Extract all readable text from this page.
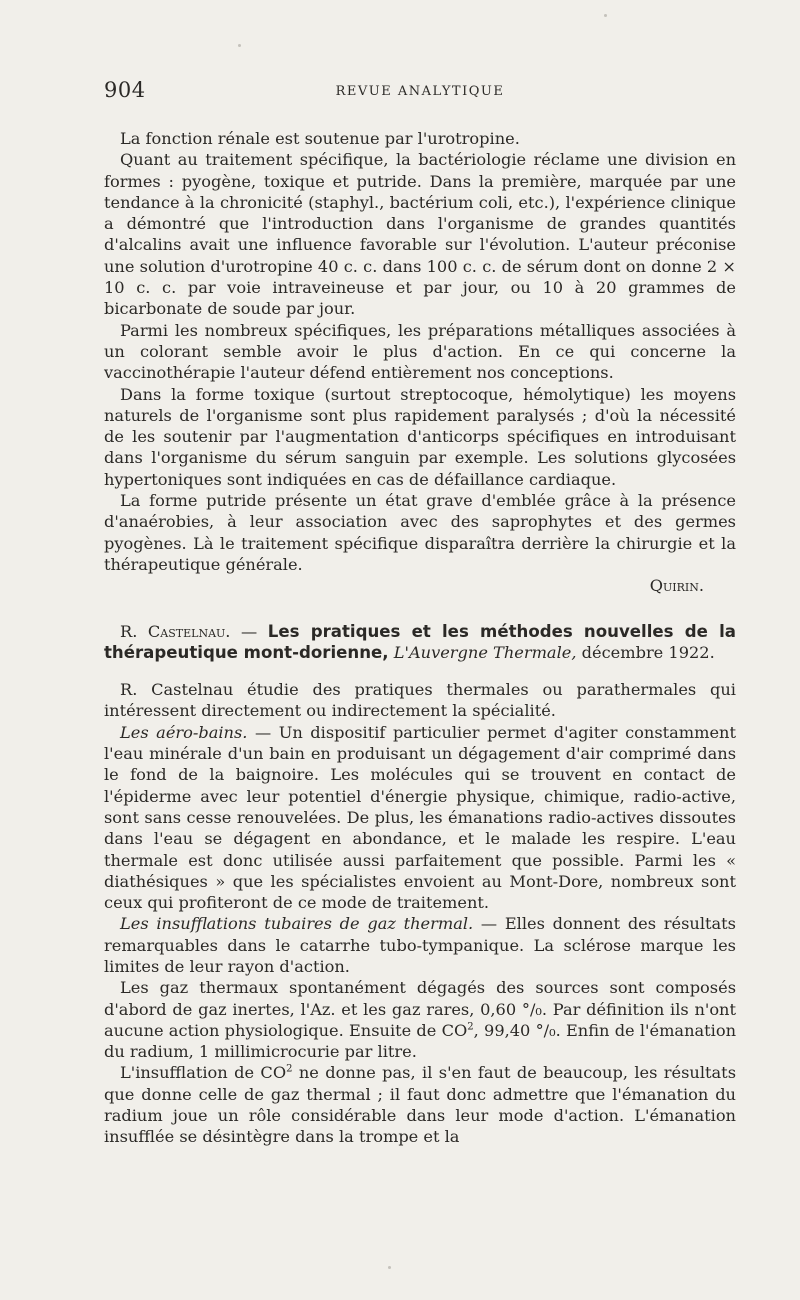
904	REVUE ANALYTIQUE

La fonction rénale est soutenue par l'urotropine.

Quant au traitement spécifique, la bactériologie réclame une division en formes : pyogène, toxique et putride. Dans la première, marquée par une tendance à la chronicité (staphyl., bactérium coli, etc.), l'expérience clinique a démontré que l'introduction dans l'organisme de grandes quantités d'alcalins avait une influence favorable sur l'évolution. L'auteur préconise une solution d'urotropine 40 c. c. dans 100 c. c. de sérum dont on donne 2 × 10 c. c. par voie intraveineuse et par jour, ou 10 à 20 grammes de bicarbonate de soude par jour.

Parmi les nombreux spécifiques, les préparations métalliques associées à un colorant semble avoir le plus d'action. En ce qui concerne la vaccinothérapie l'auteur défend entièrement nos conceptions.

Dans la forme toxique (surtout streptocoque, hémolytique) les moyens naturels de l'organisme sont plus rapidement paralysés ; d'où la nécessité de les soutenir par l'augmentation d'anticorps spécifiques en introduisant dans l'organisme du sérum sanguin par exemple. Les solutions glycosées hypertoniques sont indiquées en cas de défaillance cardiaque.

La forme putride présente un état grave d'emblée grâce à la présence d'anaérobies, à leur association avec des saprophytes et des germes pyogènes. Là le traitement spécifique disparaîtra derrière la chirurgie et la thérapeutique générale.

Quirin.

R. Castelnau. — Les pratiques et les méthodes nouvelles de la thérapeutique mont-dorienne, L'Auvergne Thermale, décembre 1922.

R. Castelnau étudie des pratiques thermales ou parathermales qui intéressent directement ou indirectement la spécialité.

Les aéro-bains. — Un dispositif particulier permet d'agiter constamment l'eau minérale d'un bain en produisant un dégagement d'air comprimé dans le fond de la baignoire. Les molécules qui se trouvent en contact de l'épiderme avec leur potentiel d'énergie physique, chimique, radio-active, sont sans cesse renouvelées. De plus, les émanations radio-actives dissoutes dans l'eau se dégagent en abondance, et le malade les respire. L'eau thermale est donc utilisée aussi parfaitement que possible. Parmi les « diathésiques » que les spécialistes envoient au Mont-Dore, nombreux sont ceux qui profiteront de ce mode de traitement.

Les insufflations tubaires de gaz thermal. — Elles donnent des résultats remarquables dans le catarrhe tubo-tympanique. La sclérose marque les limites de leur rayon d'action.

Les gaz thermaux spontanément dégagés des sources sont composés d'abord de gaz inertes, l'Az. et les gaz rares, 0,60 °/₀. Par définition ils n'ont aucune action physiologique. Ensuite de $CO^2$, 99,40 °/₀. Enfin de l'émanation du radium, 1 millimicrocurie par litre.

L'insufflation de $CO^2$ ne donne pas, il s'en faut de beaucoup, les résultats que donne celle de gaz thermal ; il faut donc admettre que l'émanation du radium joue un rôle considérable dans leur mode d'action. L'émanation insufflée se désintègre dans la trompe et la
